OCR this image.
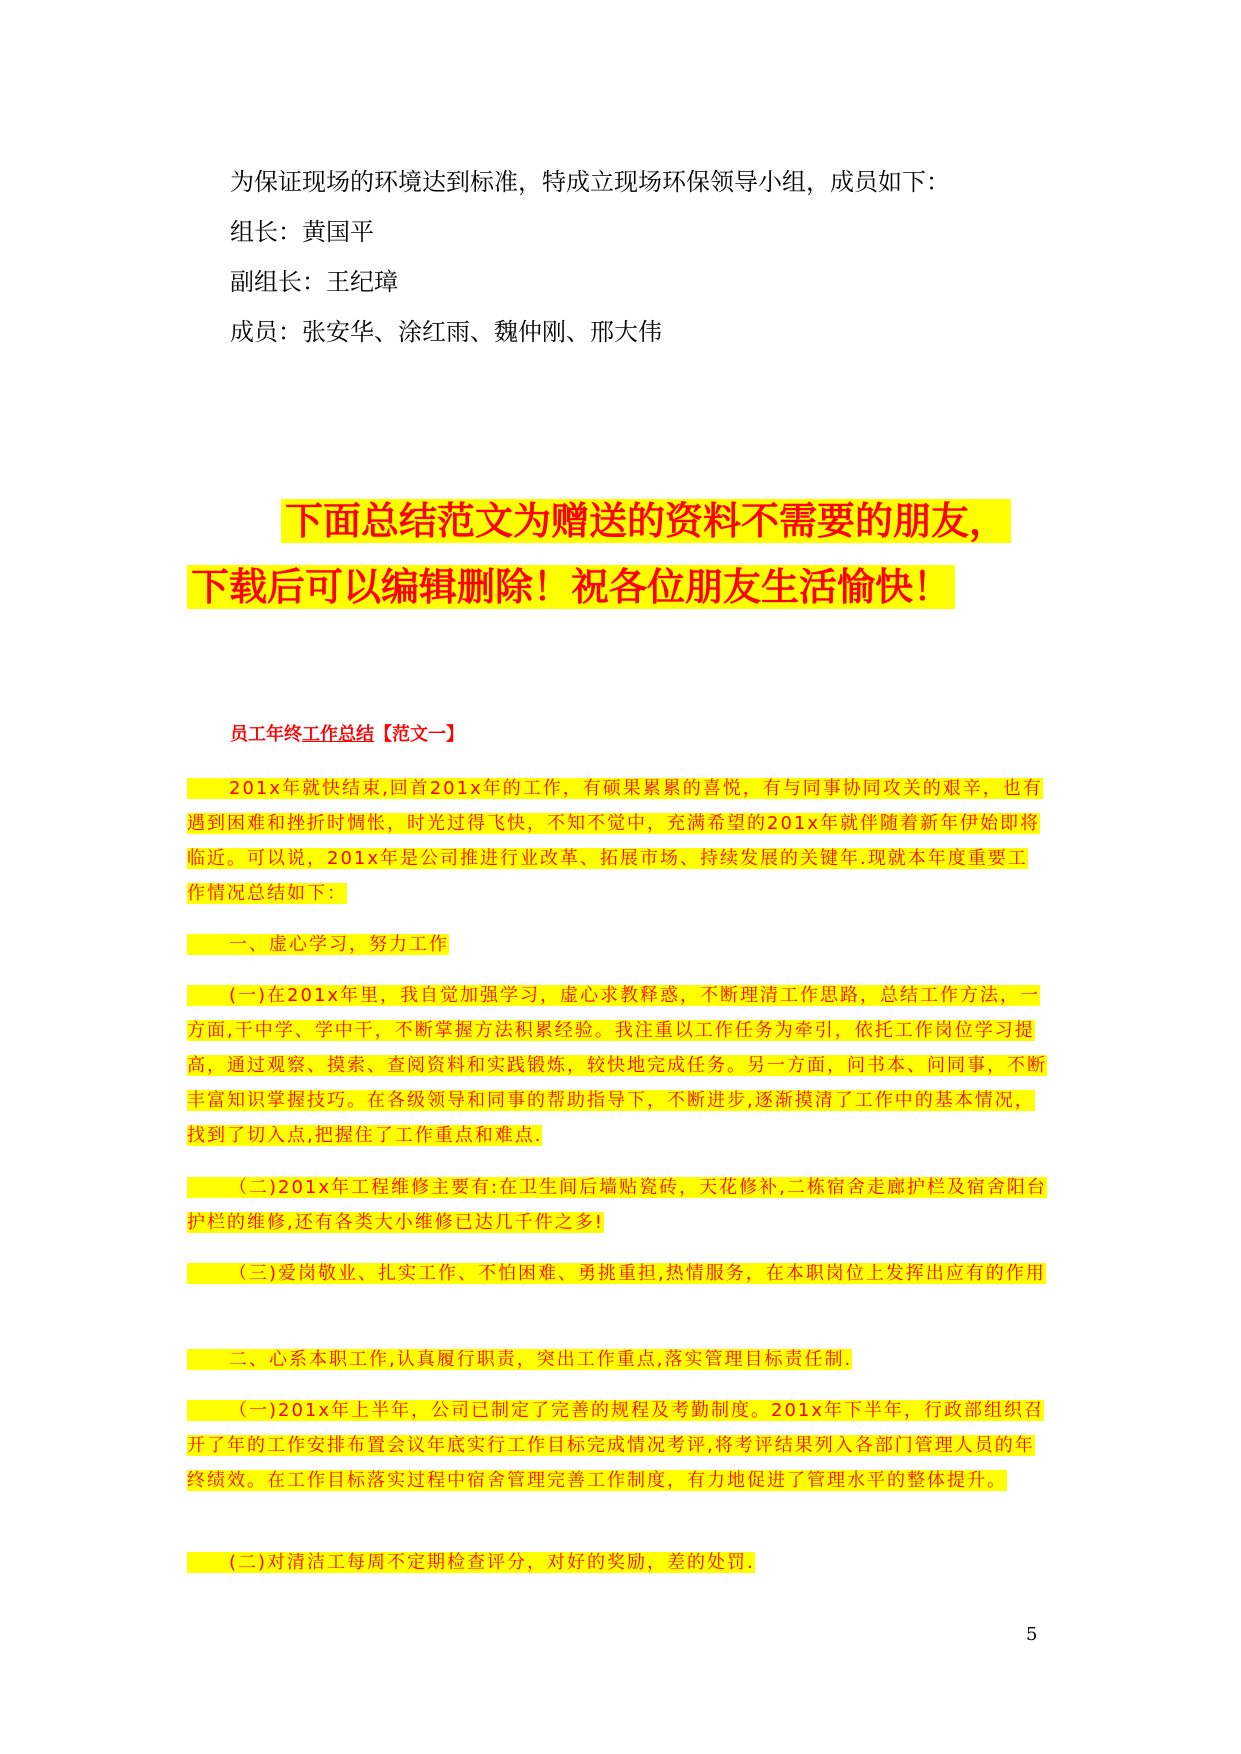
为保证现场的环境达到标准，特成立现场环保领导小组，成员如下：
组长：黄国平
副组长：王纪璋
成员：张安华、涂红雨、魏仲刚、邢大伟
下面总结范文为赠送的资料不需要的朋友，
下载后可以编辑删除！祝各位朋友生活愉快！
员工年终工作总结【范文一】
201x年就快结束,回首201x年的工作，有硕果累累的喜悦，有与同事协同攻关的艰辛，也有遇到困难和挫折时惆怅，时光过得飞快，不知不觉中，充满希望的201x年就伴随着新年伊始即将临近。可以说，201x年是公司推进行业改革、拓展市场、持续发展的关键年.现就本年度重要工作情况总结如下：
一、虚心学习，努力工作
(一)在201x年里，我自觉加强学习，虚心求教释惑，不断理清工作思路，总结工作方法，一方面,干中学、学中干，不断掌握方法积累经验。我注重以工作任务为牵引，依托工作岗位学习提高，通过观察、摸索、查阅资料和实践锻炼，较快地完成任务。另一方面，问书本、问同事，不断丰富知识掌握技巧。在各级领导和同事的帮助指导下，不断进步,逐渐摸清了工作中的基本情况，找到了切入点,把握住了工作重点和难点.
（二)201x年工程维修主要有:在卫生间后墙贴瓷砖，天花修补,二栋宿舍走廊护栏及宿舍阳台护栏的维修,还有各类大小维修已达几千件之多!
（三)爱岗敬业、扎实工作、不怕困难、勇挑重担,热情服务，在本职岗位上发挥出应有的作用
二、心系本职工作,认真履行职责，突出工作重点,落实管理目标责任制.
（一)201x年上半年，公司已制定了完善的规程及考勤制度。201x年下半年，行政部组织召开了年的工作安排布置会议年底实行工作目标完成情况考评,将考评结果列入各部门管理人员的年终绩效。在工作目标落实过程中宿舍管理完善工作制度，有力地促进了管理水平的整体提升。
(二)对清洁工每周不定期检查评分，对好的奖励，差的处罚.
5
